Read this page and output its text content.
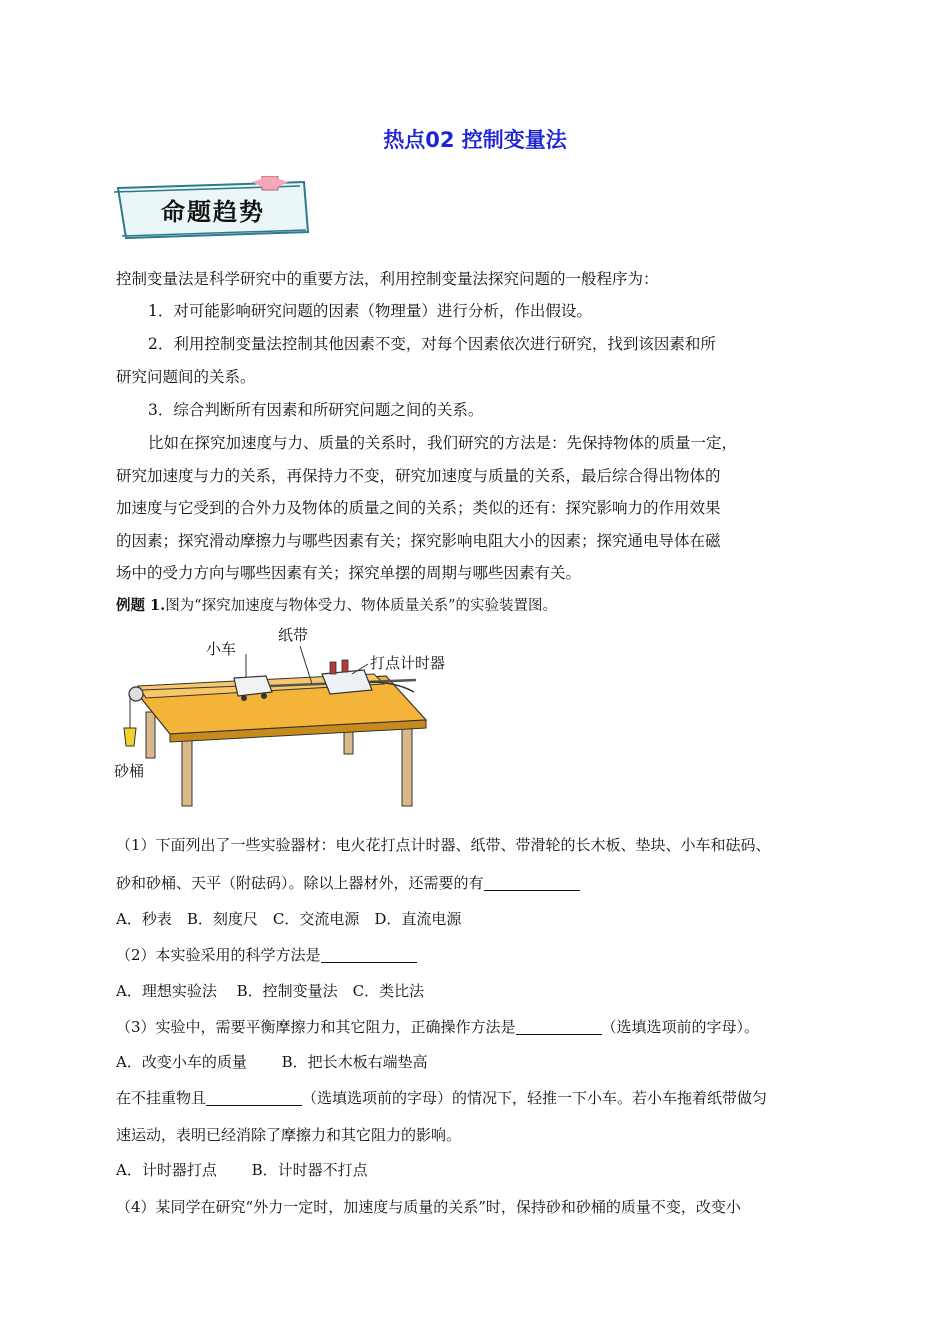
热点02 控制变量法
命题趋势
控制变量法是科学研究中的重要方法，利用控制变量法探究问题的一般程序为：
1．对可能影响研究问题的因素（物理量）进行分析，作出假设。
2．利用控制变量法控制其他因素不变，对每个因素依次进行研究，找到该因素和所
研究问题间的关系。
3．综合判断所有因素和所研究问题之间的关系。
比如在探究加速度与力、质量的关系时，我们研究的方法是：先保持物体的质量一定，
研究加速度与力的关系，再保持力不变，研究加速度与质量的关系，最后综合得出物体的
加速度与它受到的合外力及物体的质量之间的关系；类似的还有：探究影响力的作用效果
的因素；探究滑动摩擦力与哪些因素有关；探究影响电阻大小的因素；探究通电导体在磁
场中的受力方向与哪些因素有关；探究单摆的周期与哪些因素有关。
例题 1.图为“探究加速度与物体受力、物体质量关系”的实验装置图。
小车
纸带
打点计时器
砂桶
（1）下面列出了一些实验器材：电火花打点计时器、纸带、带滑轮的长木板、垫块、小车和砝码、
砂和砂桶、天平（附砝码）。除以上器材外，还需要的有
A．秒表　B．刻度尺　C．交流电源　D．直流电源
（2）本实验采用的科学方法是
A．理想实验法　 B．控制变量法　C．类比法
（3）实验中，需要平衡摩擦力和其它阻力，正确操作方法是	（选填选项前的字母）。
A．改变小车的质量　　 B．把长木板右端垫高
在不挂重物且	（选填选项前的字母）的情况下，轻推一下小车。若小车拖着纸带做匀
速运动，表明已经消除了摩擦力和其它阻力的影响。
A．计时器打点　　 B．计时器不打点
（4）某同学在研究“外力一定时，加速度与质量的关系”时，保持砂和砂桶的质量不变，改变小
